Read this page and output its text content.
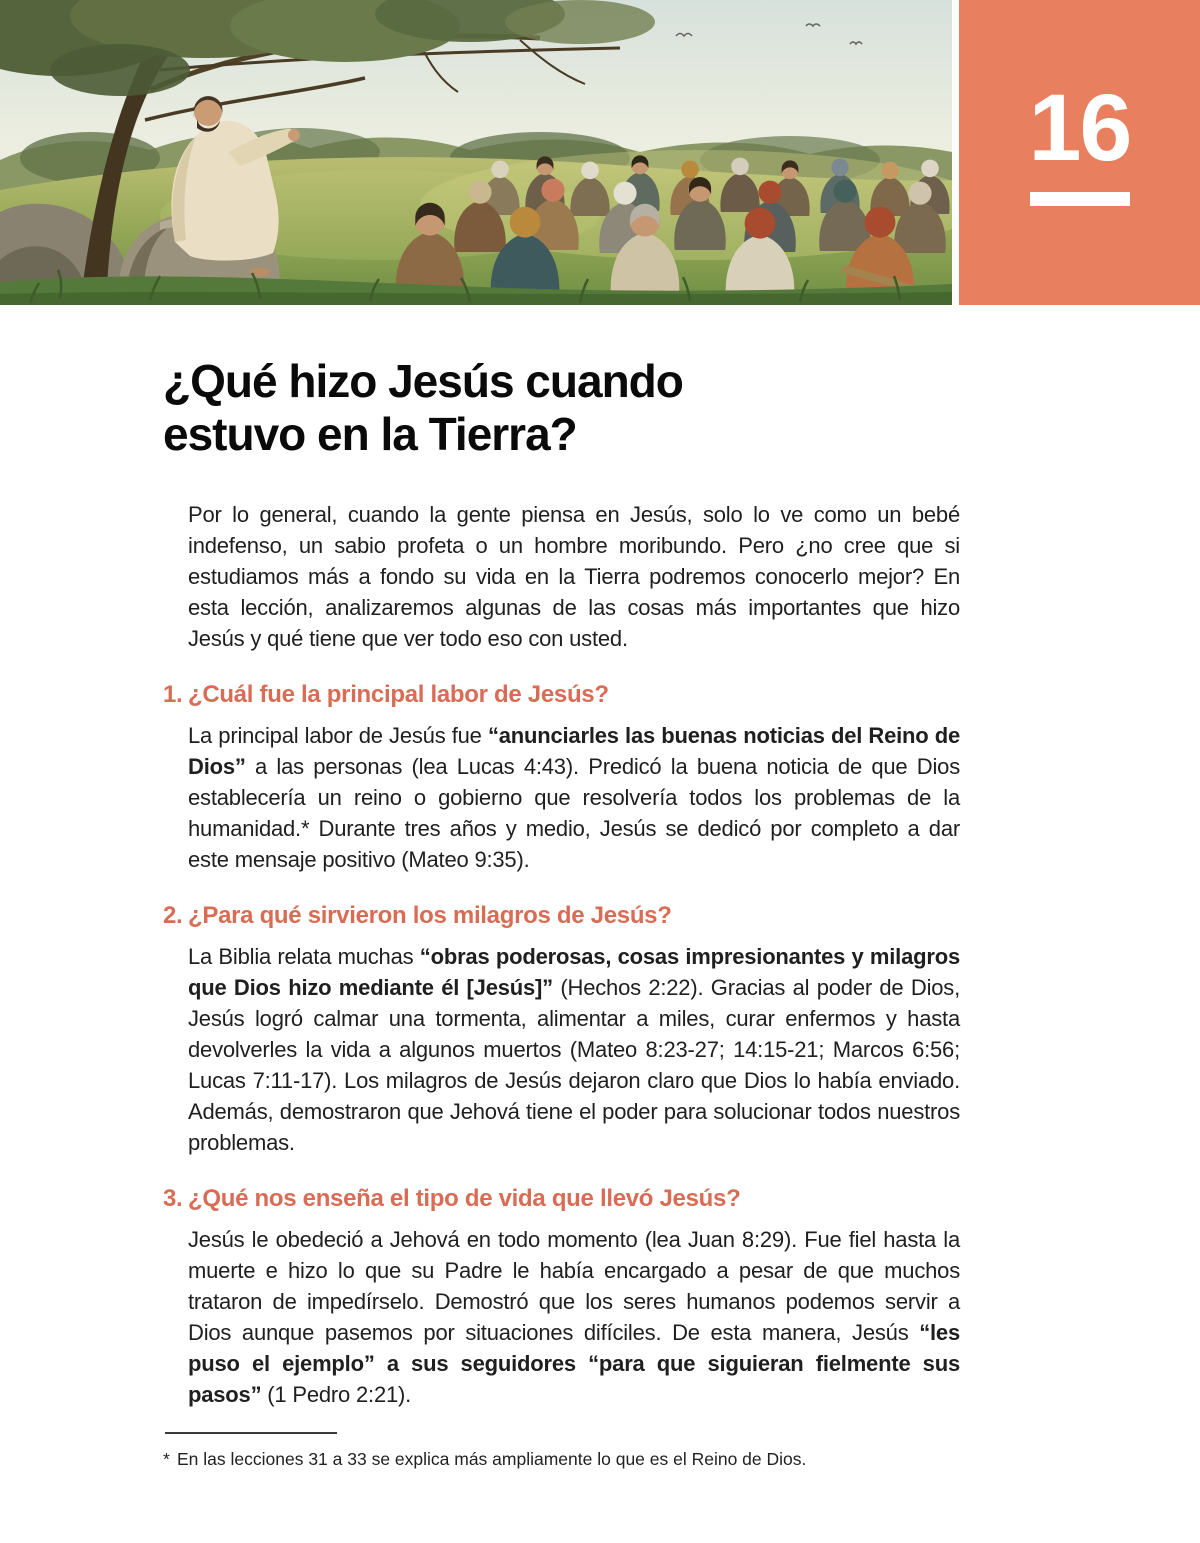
16
¿Qué hizo Jesús cuando
estuvo en la Tierra?

Por lo general, cuando la gente piensa en Jesús, solo lo ve como un bebé indefenso, un sabio profeta o un hombre moribundo. Pero ¿no cree que si estudiamos más a fondo su vida en la Tierra podremos conocerlo mejor? En esta lección, analizaremos algunas de las cosas más importantes que hizo Jesús y qué tiene que ver todo eso con usted.

1. ¿Cuál fue la principal labor de Jesús?

La principal labor de Jesús fue “anunciarles las buenas noticias del Reino de Dios” a las personas (lea Lucas 4:43). Predicó la buena noticia de que Dios establecería un reino o gobierno que resolvería todos los problemas de la humanidad.* Durante tres años y medio, Jesús se dedicó por completo a dar este mensaje positivo (Mateo 9:35).

2. ¿Para qué sirvieron los milagros de Jesús?

La Biblia relata muchas “obras poderosas, cosas impresionantes y milagros que Dios hizo mediante él [Jesús]” (Hechos 2:22). Gracias al poder de Dios, Jesús logró calmar una tormenta, alimentar a miles, curar enfermos y hasta devolverles la vida a algunos muertos (Mateo 8:23-27; 14:15-21; Marcos 6:56; Lucas 7:11-17). Los milagros de Jesús dejaron claro que Dios lo había enviado. Además, demostraron que Jehová tiene el poder para solucionar todos nuestros problemas.

3. ¿Qué nos enseña el tipo de vida que llevó Jesús?

Jesús le obedeció a Jehová en todo momento (lea Juan 8:29). Fue fiel hasta la muerte e hizo lo que su Padre le había encargado a pesar de que muchos trataron de impedírselo. Demostró que los seres humanos podemos servir a Dios aunque pasemos por situaciones difíciles. De esta manera, Jesús “les puso el ejemplo” a sus seguidores “para que siguieran fielmente sus pasos” (1 Pedro 2:21).

* En las lecciones 31 a 33 se explica más ampliamente lo que es el Reino de Dios.
